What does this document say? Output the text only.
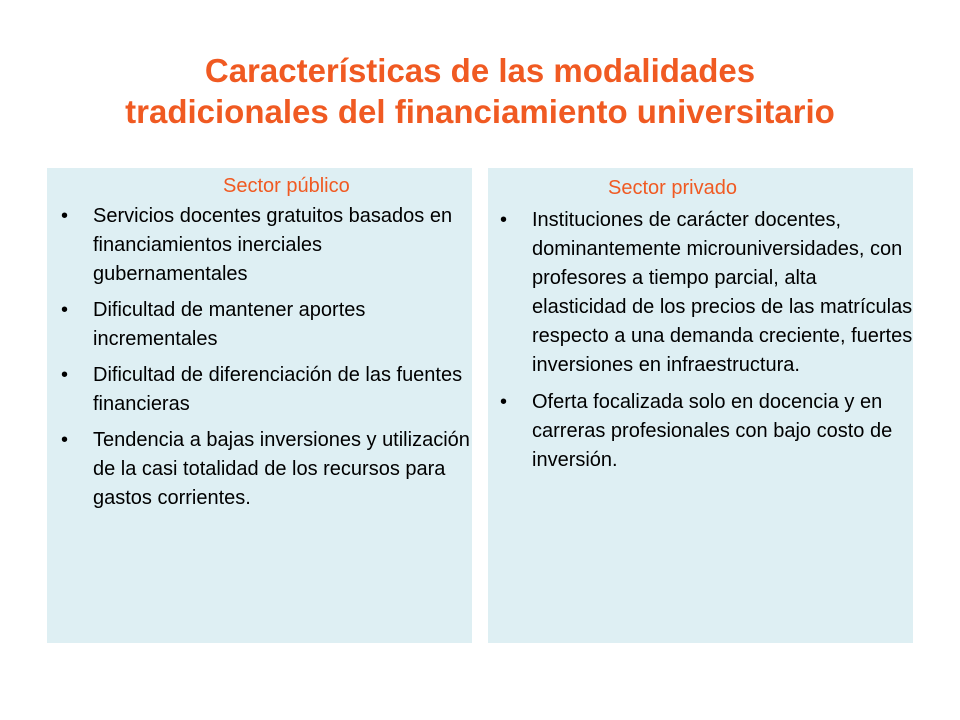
Características de las modalidades
tradicionales del financiamiento universitario
Sector público
• Servicios docentes gratuitos basados en financiamientos inerciales gubernamentales
• Dificultad de mantener aportes incrementales
• Dificultad de diferenciación de las fuentes financieras
• Tendencia a bajas inversiones y utilización de la casi totalidad de los recursos para gastos corrientes.
Sector privado
• Instituciones de carácter docentes, dominantemente microuniversidades, con profesores a tiempo parcial, alta elasticidad de los precios de las matrículas respecto a una demanda creciente, fuertes inversiones en infraestructura.
• Oferta focalizada solo en docencia y en carreras profesionales con bajo costo de inversión.
